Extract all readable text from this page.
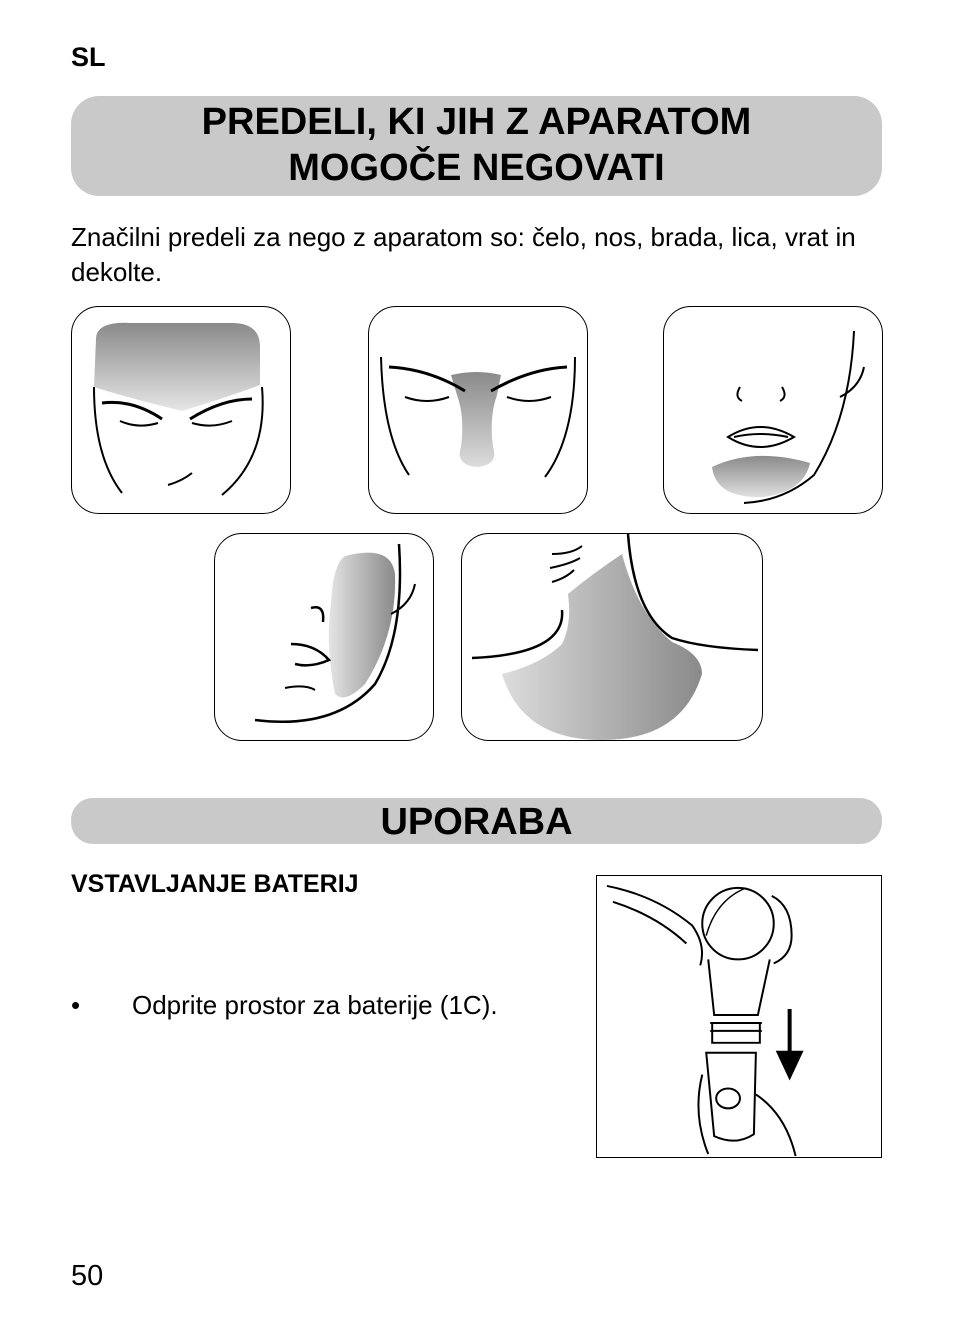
SL
PREDELI, KI JIH Z APARATOM
MOGOČE NEGOVATI
Značilni predeli za nego z aparatom so: čelo, nos, brada, lica, vrat in dekolte.
UPORABA
VSTAVLJANJE BATERIJ
•	Odprite prostor za baterije (1C).
50
